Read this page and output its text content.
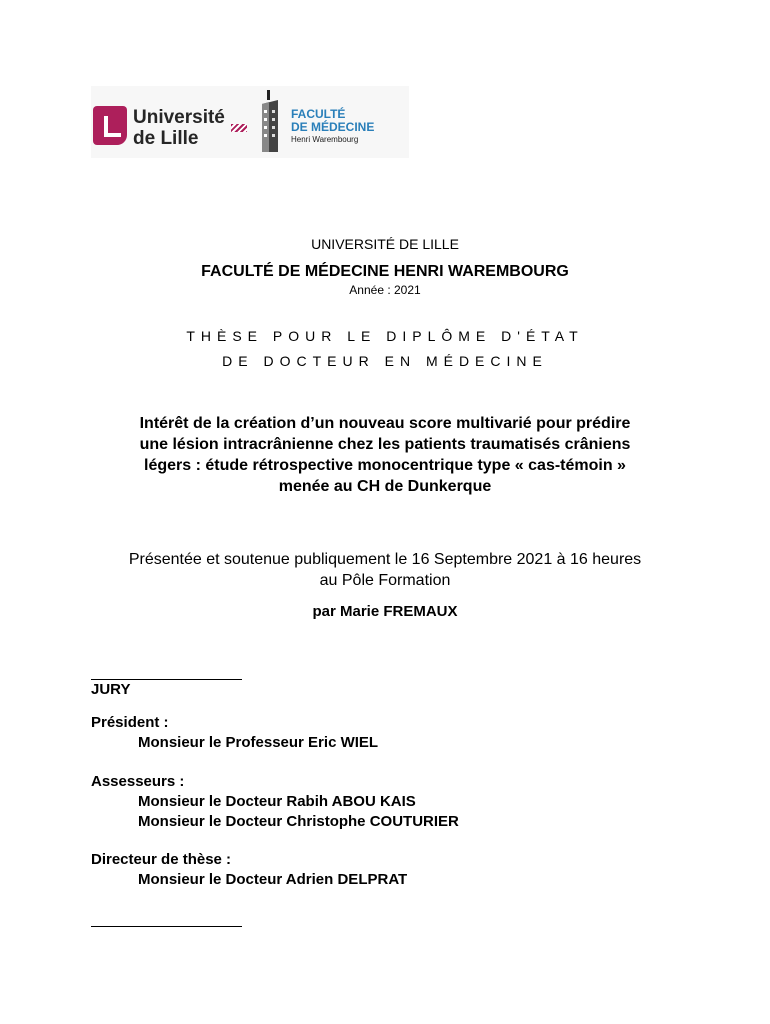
Université
de Lille
FACULTÉ
DE MÉDECINE
Henri Warembourg
UNIVERSITÉ DE LILLE
FACULTÉ DE MÉDECINE HENRI WAREMBOURG
Année : 2021
THÈSE POUR LE DIPLÔME D'ÉTAT
DE DOCTEUR EN MÉDECINE
Intérêt de la création d’un nouveau score multivarié pour prédire
une lésion intracrânienne chez les patients traumatisés crâniens
légers : étude rétrospective monocentrique type « cas-témoin »
menée au CH de Dunkerque
Présentée et soutenue publiquement le 16 Septembre 2021 à 16 heures
au Pôle Formation
par Marie FREMAUX
JURY
Président :
Monsieur le Professeur Eric WIEL
Assesseurs :
Monsieur le Docteur Rabih ABOU KAIS
Monsieur le Docteur Christophe COUTURIER
Directeur de thèse :
Monsieur le Docteur Adrien DELPRAT
